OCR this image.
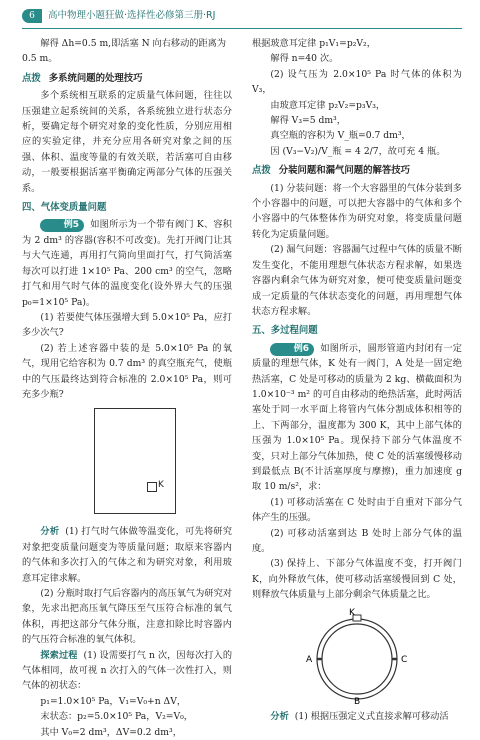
6	高中物理小题狂做·选择性必修第三册·RJ

解得 Δh=0.5 m,即活塞 N 向右移动的距离为

0.5 m。

点拨 多系统问题的处理技巧

多个系统相互联系的定质量气体问题，往往以压强建立起系统间的关系，各系统独立进行状态分析，要确定每个研究对象的变化性质，分别应用相应的实验定律，并充分应用各研究对象之间的压强、体积、温度等量的有效关联，若活塞可自由移动，一般要根据活塞平衡确定两部分气体的压强关系。

四、气体变质量问题

例5 如图所示为一个带有阀门 K、容积为 2 dm³ 的容器(容积不可改变)。先打开阀门让其与大气连通，再用打气筒向里面打气，打气筒活塞每次可以打进 1×10⁵ Pa、200 cm³ 的空气，忽略打气和用气时气体的温度变化(设外界大气的压强 p₀=1×10⁵ Pa)。

(1) 若要使气体压强增大到 5.0×10⁵ Pa，应打多少次气?

(2) 若上述容器中装的是 5.0×10⁵ Pa 的氧气，现用它给容积为 0.7 dm³ 的真空瓶充气，使瓶中的气压最终达到符合标准的 2.0×10⁵ Pa，则可充多少瓶?

K

分析 (1) 打气时气体做等温变化，可先将研究对象把变质量问题变为等质量问题；取原来容器内的气体和多次打入的气体之和为研究对象，利用玻意耳定律求解。

(2) 分瓶时取打气后容器内的高压氧气为研究对象，先求出把高压氧气降压至气压符合标准的氧气体积，再把这部分气体分瓶，注意扣除比时容器内的气压符合标准的氧气体积。

探索过程 (1) 设需要打气 n 次，因每次打入的气体相同，故可视 n 次打入的气体一次性打入，则气体的初状态：

p₁=1.0×10⁵ Pa，V₁=V₀+n ΔV，

末状态：p₂=5.0×10⁵ Pa，V₂=V₀，

其中 V₀=2 dm³，ΔV=0.2 dm³，

根据玻意耳定律 p₁V₁=p₂V₂，

解得 n=40 次。

(2) 设气压为 2.0×10⁵ Pa 时气体的体积为 V₃，

由玻意耳定律 p₂V₂=p₃V₃，

解得 V₃=5 dm³，

真空瓶的容积为 V_瓶=0.7 dm³，

因 (V₃−V₂)/V_瓶 = 4 2/7，故可充 4 瓶。

点拨 分装问题和漏气问题的解答技巧

(1) 分装问题：将一个大容器里的气体分装到多个小容器中的问题，可以把大容器中的气体和多个小容器中的气体整体作为研究对象，将变质量问题转化为定质量问题。

(2) 漏气问题：容器漏气过程中气体的质量不断发生变化，不能用理想气体状态方程求解，如果选容器内剩余气体为研究对象，便可使变质量问题变成一定质量的气体状态变化的问题，再用理想气体状态方程求解。

五、多过程问题

例6 如图所示，圆形管道内封闭有一定质量的理想气体，K 处有一阀门，A 处是一固定绝热活塞，C 处是可移动的质量为 2 kg、横截面积为 1.0×10⁻³ m² 的可自由移动的绝热活塞，此时两活塞处于同一水平面上将管内气体分割成体积相等的上、下两部分，温度都为 300 K，其中上部气体的压强为 1.0×10⁵ Pa。现保持下部分气体温度不变，只对上部分气体加热，使 C 处的活塞缓慢移动到最低点 B(不计活塞厚度与摩擦)，重力加速度 g 取 10 m/s²，求：

(1) 可移动活塞在 C 处时由于自重对下部分气体产生的压强。

(2) 可移动活塞到达 B 处时上部分气体的温度。

(3) 保持上、下部分气体温度不变，打开阀门 K，向外释放气体，使可移动活塞缓慢回到 C 处，则释放气体质量与上部分剩余气体质量之比。

K
A	C
B

分析 (1) 根据压强定义式直接求解可移动活
